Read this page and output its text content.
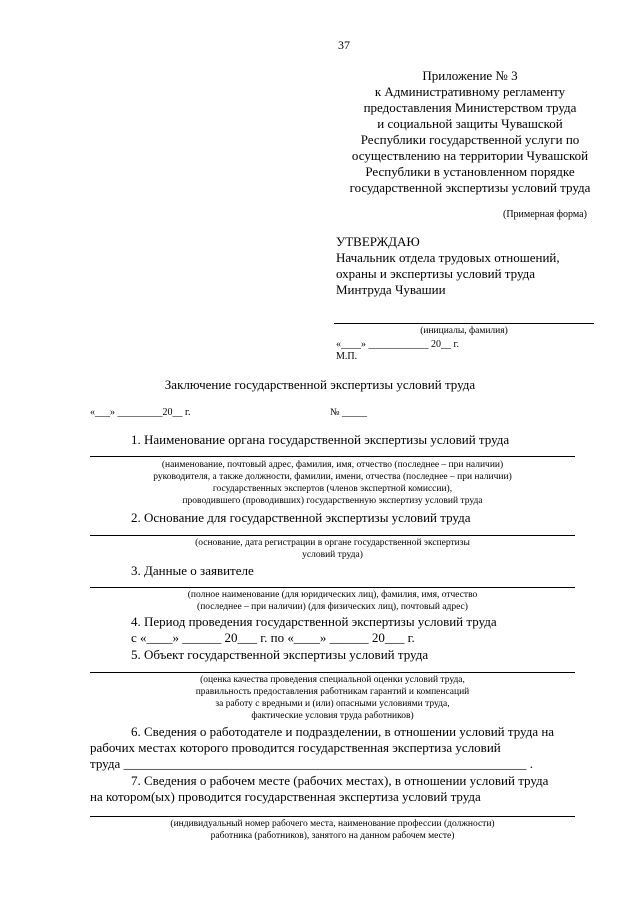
37
Приложение № 3
к Административному регламенту
предоставления Министерством труда
и социальной защиты Чувашской
Республики государственной услуги по
осуществлению на территории Чувашской
Республики в установленном порядке
государственной экспертизы условий труда
(Примерная форма)
УТВЕРЖДАЮ
Начальник отдела трудовых отношений,
охраны и экспертизы условий труда
Минтруда Чувашии
(инициалы, фамилия)
«____» ____________ 20__ г.
М.П.
Заключение государственной экспертизы условий труда
«___» _________20__ г.	№ _____
1. Наименование органа государственной экспертизы условий труда
(наименование, почтовый адрес, фамилия, имя, отчество (последнее – при наличии)
руководителя, а также должности, фамилии, имени, отчества (последнее – при наличии)
государственных экспертов (членов экспертной комиссии),
проводившего (проводивших) государственную экспертизу условий труда
2. Основание для государственной экспертизы условий труда
(основание, дата регистрации в органе государственной экспертизы
условий труда)
3. Данные о заявителе
(полное наименование (для юридических лиц), фамилия, имя, отчество
(последнее – при наличии) (для физических лиц), почтовый адрес)
4. Период проведения государственной экспертизы условий труда
с «____» ______ 20___ г. по «____» ______ 20___ г.
5. Объект государственной экспертизы условий труда
(оценка качества проведения специальной оценки условий труда,
правильность предоставления работникам гарантий и компенсаций
за работу с вредными и (или) опасными условиями труда,
фактические условия труда работников)
6. Сведения о работодателе и подразделении, в отношении условий труда на
рабочих местах которого проводится государственная экспертиза условий
труда ______________________________________________________________ .
7. Сведения о рабочем месте (рабочих местах), в отношении условий труда
на котором(ых) проводится государственная экспертиза условий труда
(индивидуальный номер рабочего места, наименование профессии (должности)
работника (работников), занятого на данном рабочем месте)
